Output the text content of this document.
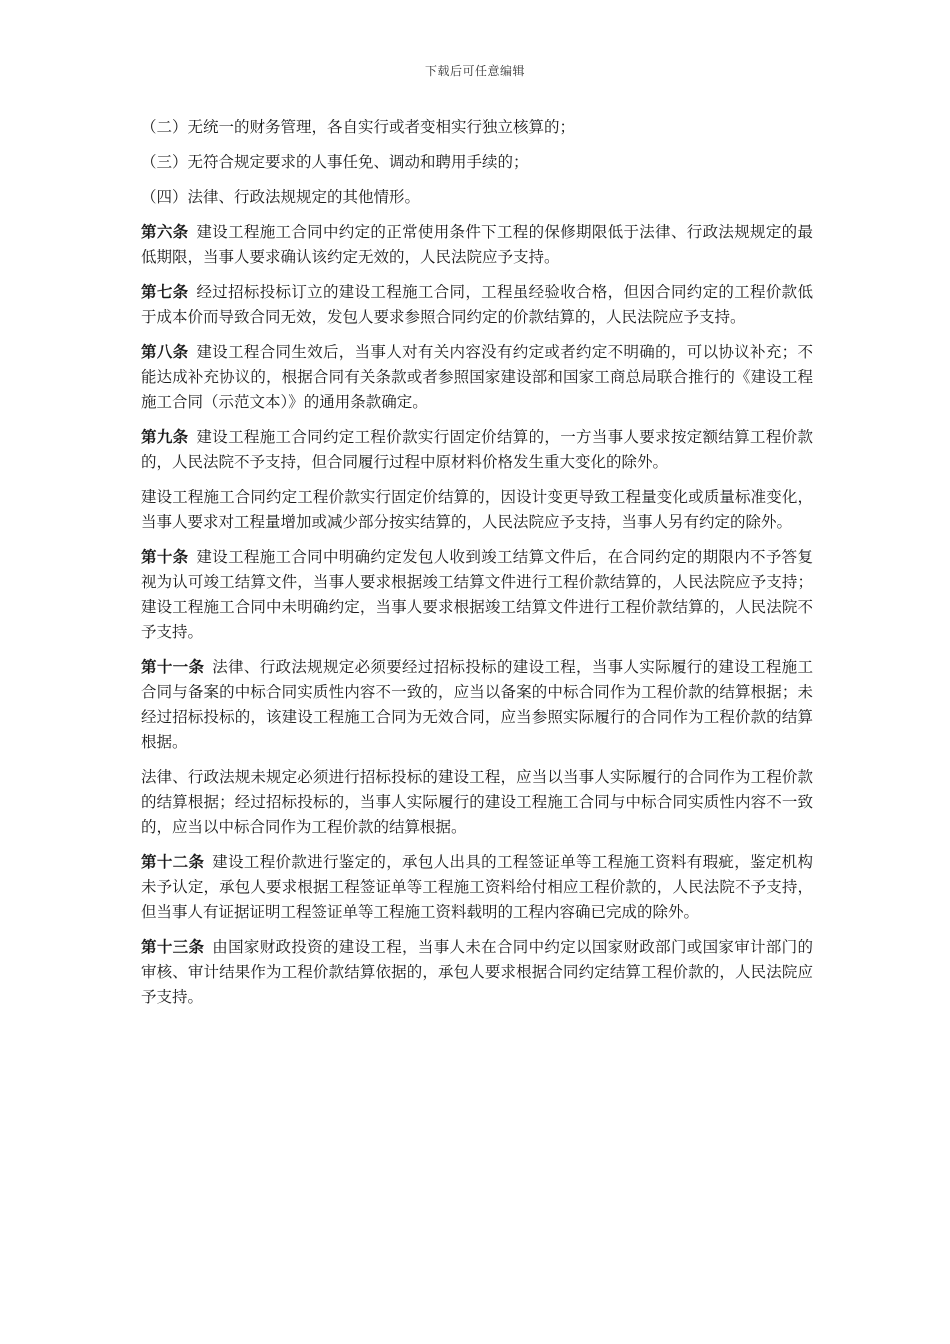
下载后可任意编辑

（二）无统一的财务管理，各自实行或者变相实行独立核算的；

（三）无符合规定要求的人事任免、调动和聘用手续的；

（四）法律、行政法规规定的其他情形。

第六条 建设工程施工合同中约定的正常使用条件下工程的保修期限低于法律、行政法规规定的最低期限，当事人要求确认该约定无效的，人民法院应予支持。

第七条 经过招标投标订立的建设工程施工合同，工程虽经验收合格，但因合同约定的工程价款低于成本价而导致合同无效，发包人要求参照合同约定的价款结算的，人民法院应予支持。

第八条 建设工程合同生效后，当事人对有关内容没有约定或者约定不明确的，可以协议补充；不能达成补充协议的，根据合同有关条款或者参照国家建设部和国家工商总局联合推行的《建设工程施工合同（示范文本）》的通用条款确定。

第九条 建设工程施工合同约定工程价款实行固定价结算的，一方当事人要求按定额结算工程价款的，人民法院不予支持，但合同履行过程中原材料价格发生重大变化的除外。

建设工程施工合同约定工程价款实行固定价结算的，因设计变更导致工程量变化或质量标准变化，当事人要求对工程量增加或减少部分按实结算的，人民法院应予支持，当事人另有约定的除外。

第十条 建设工程施工合同中明确约定发包人收到竣工结算文件后，在合同约定的期限内不予答复视为认可竣工结算文件，当事人要求根据竣工结算文件进行工程价款结算的，人民法院应予支持；建设工程施工合同中未明确约定，当事人要求根据竣工结算文件进行工程价款结算的，人民法院不予支持。

第十一条 法律、行政法规规定必须要经过招标投标的建设工程，当事人实际履行的建设工程施工合同与备案的中标合同实质性内容不一致的，应当以备案的中标合同作为工程价款的结算根据；未经过招标投标的，该建设工程施工合同为无效合同，应当参照实际履行的合同作为工程价款的结算根据。

法律、行政法规未规定必须进行招标投标的建设工程，应当以当事人实际履行的合同作为工程价款的结算根据；经过招标投标的，当事人实际履行的建设工程施工合同与中标合同实质性内容不一致的，应当以中标合同作为工程价款的结算根据。

第十二条 建设工程价款进行鉴定的，承包人出具的工程签证单等工程施工资料有瑕疵，鉴定机构未予认定，承包人要求根据工程签证单等工程施工资料给付相应工程价款的，人民法院不予支持，但当事人有证据证明工程签证单等工程施工资料载明的工程内容确已完成的除外。

第十三条 由国家财政投资的建设工程，当事人未在合同中约定以国家财政部门或国家审计部门的审核、审计结果作为工程价款结算依据的，承包人要求根据合同约定结算工程价款的，人民法院应予支持。
